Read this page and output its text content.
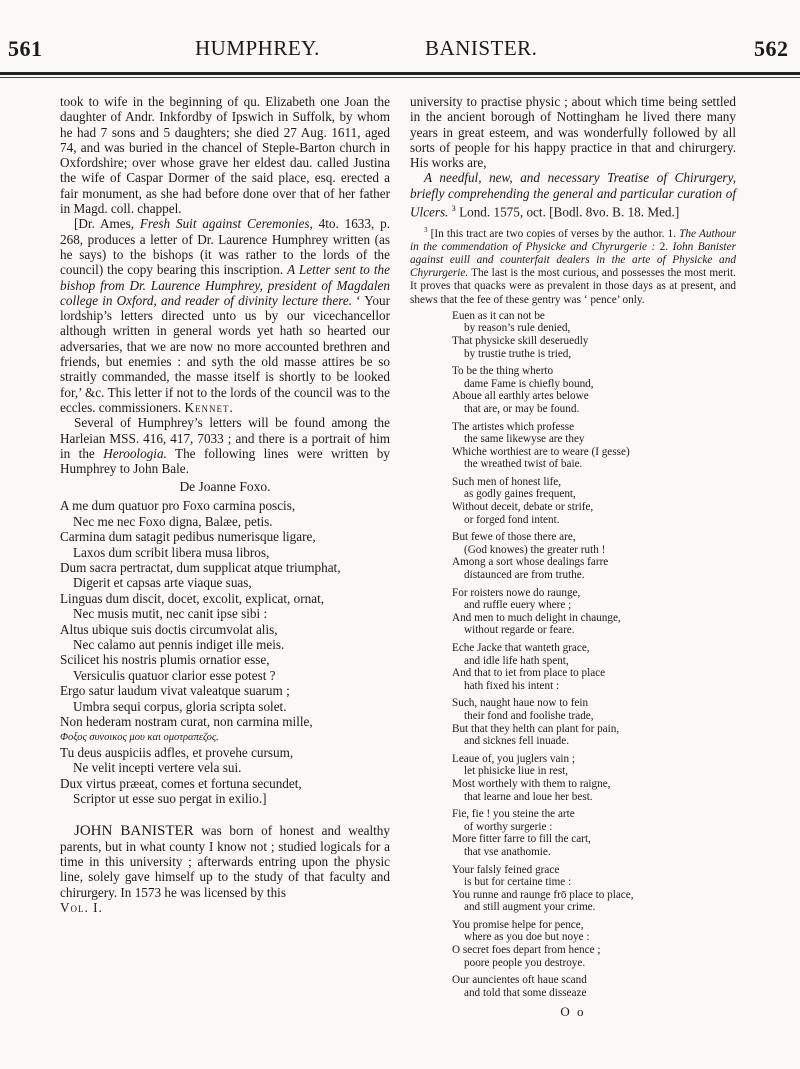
561	HUMPHREY.	BANISTER.	562

took to wife in the beginning of qu. Elizabeth one Joan the daughter of Andr. Inkfordby of Ipswich in Suffolk, by whom he had 7 sons and 5 daughters; she died 27 Aug. 1611, aged 74, and was buried in the chancel of Steple-Barton church in Oxfordshire; over whose grave her eldest dau. called Justina the wife of Caspar Dormer of the said place, esq. erected a fair monument, as she had before done over that of her father in Magd. coll. chappel.

[Dr. Ames, Fresh Suit against Ceremonies, 4to. 1633, p. 268, produces a letter of Dr. Laurence Humphrey written (as he says) to the bishops (it was rather to the lords of the council) the copy bearing this inscription. A Letter sent to the bishop from Dr. Laurence Humphrey, president of Magdalen college in Oxford, and reader of divinity lecture there. ‘ Your lordship’s letters directed unto us by our vicechancellor although written in general words yet hath so hearted our adversaries, that we are now no more accounted brethren and friends, but enemies : and syth the old masse attires be so straitly commanded, the masse itself is shortly to be looked for,’ &c. This letter if not to the lords of the council was to the eccles. commissioners. Kennet.

Several of Humphrey’s letters will be found among the Harleian MSS. 416, 417, 7033 ; and there is a portrait of him in the Heroologia. The following lines were written by Humphrey to John Bale.

De Joanne Foxo.

A me dum quatuor pro Foxo carmina poscis,
Nec me nec Foxo digna, Balæe, petis.
Carmina dum satagit pedibus numerisque ligare,
Laxos dum scribit libera musa libros,
Dum sacra pertractat, dum supplicat atque triumphat,
Digerit et capsas arte viaque suas,
Linguas dum discit, docet, excolit, explicat, ornat,
Nec musis mutit, nec canit ipse sibi :
Altus ubique suis doctis circumvolat alis,
Nec calamo aut pennis indiget ille meis.
Scilicet his nostris plumis ornatior esse,
Versiculis quatuor clarior esse potest ?
Ergo satur laudum vivat valeatque suarum ;
Umbra sequi corpus, gloria scripta solet.
Non hederam nostram curat, non carmina mille,
Φοξος συνοικος μου και ομοτραπεζος.
Tu deus auspiciis adfles, et provehe cursum,
Ne velit incepti vertere vela sui.
Dux virtus præeat, comes et fortuna secundet,
Scriptor ut esse suo pergat in exilio.]

JOHN BANISTER was born of honest and wealthy parents, but in what county I know not ; studied logicals for a time in this university ; afterwards entring upon the physic line, solely gave himself up to the study of that faculty and chirurgery. In 1573 he was licensed by this

Vol. I.

university to practise physic ; about which time being settled in the ancient borough of Nottingham he lived there many years in great esteem, and was wonderfully followed by all sorts of people for his happy practice in that and chirurgery. His works are,

A needful, new, and necessary Treatise of Chirurgery, briefly comprehending the general and particular curation of Ulcers. $^3$ Lond. 1575, oct. [Bodl. 8vo. B. 18. Med.]

$^3$ [In this tract are two copies of verses by the author. 1. The Authour in the commendation of Physicke and Chyrurgerie : 2. Iohn Banister against euill and counterfait dealers in the arte of Physicke and Chyrurgerie. The last is the most curious, and possesses the most merit. It proves that quacks were as prevalent in those days as at present, and shews that the fee of these gentry was ‘ pence’ only.

Euen as it can not be
by reason’s rule denied,
That physicke skill deseruedly
by trustie truthe is tried,
To be the thing wherto
dame Fame is chiefly bound,
Aboue all earthly artes belowe
that are, or may be found.
The artistes which professe
the same likewyse are they
Whiche worthiest are to weare (I gesse)
the wreathed twist of baie.
Such men of honest life,
as godly gaines frequent,
Without deceit, debate or strife,
or forged fond intent.
But fewe of those there are,
(God knowes) the greater ruth !
Among a sort whose dealings farre
distaunced are from truthe.
For roisters nowe do raunge,
and ruffle euery where ;
And men to much delight in chaunge,
without regarde or feare.
Eche Jacke that wanteth grace,
and idle life hath spent,
And that to iet from place to place
hath fixed his intent :
Such, naught haue now to fein
their fond and foolishe trade,
But that they helth can plant for pain,
and sicknes fell inuade.
Leaue of, you juglers vain ;
let phisicke liue in rest,
Most worthely with them to raigne,
that learne and loue her best.
Fie, fie ! you steine the arte
of worthy surgerie :
More fitter farre to fill the cart,
that vse anathomie.
Your falsly feined grace
is but for certaine time :
You runne and raunge frō place to place,
and still augment your crime.
You promise helpe for pence,
where as you doe but noye :
O secret foes depart from hence ;
poore people you destroye.
Our auncientes oft haue scand
and told that some disseaze

O o
